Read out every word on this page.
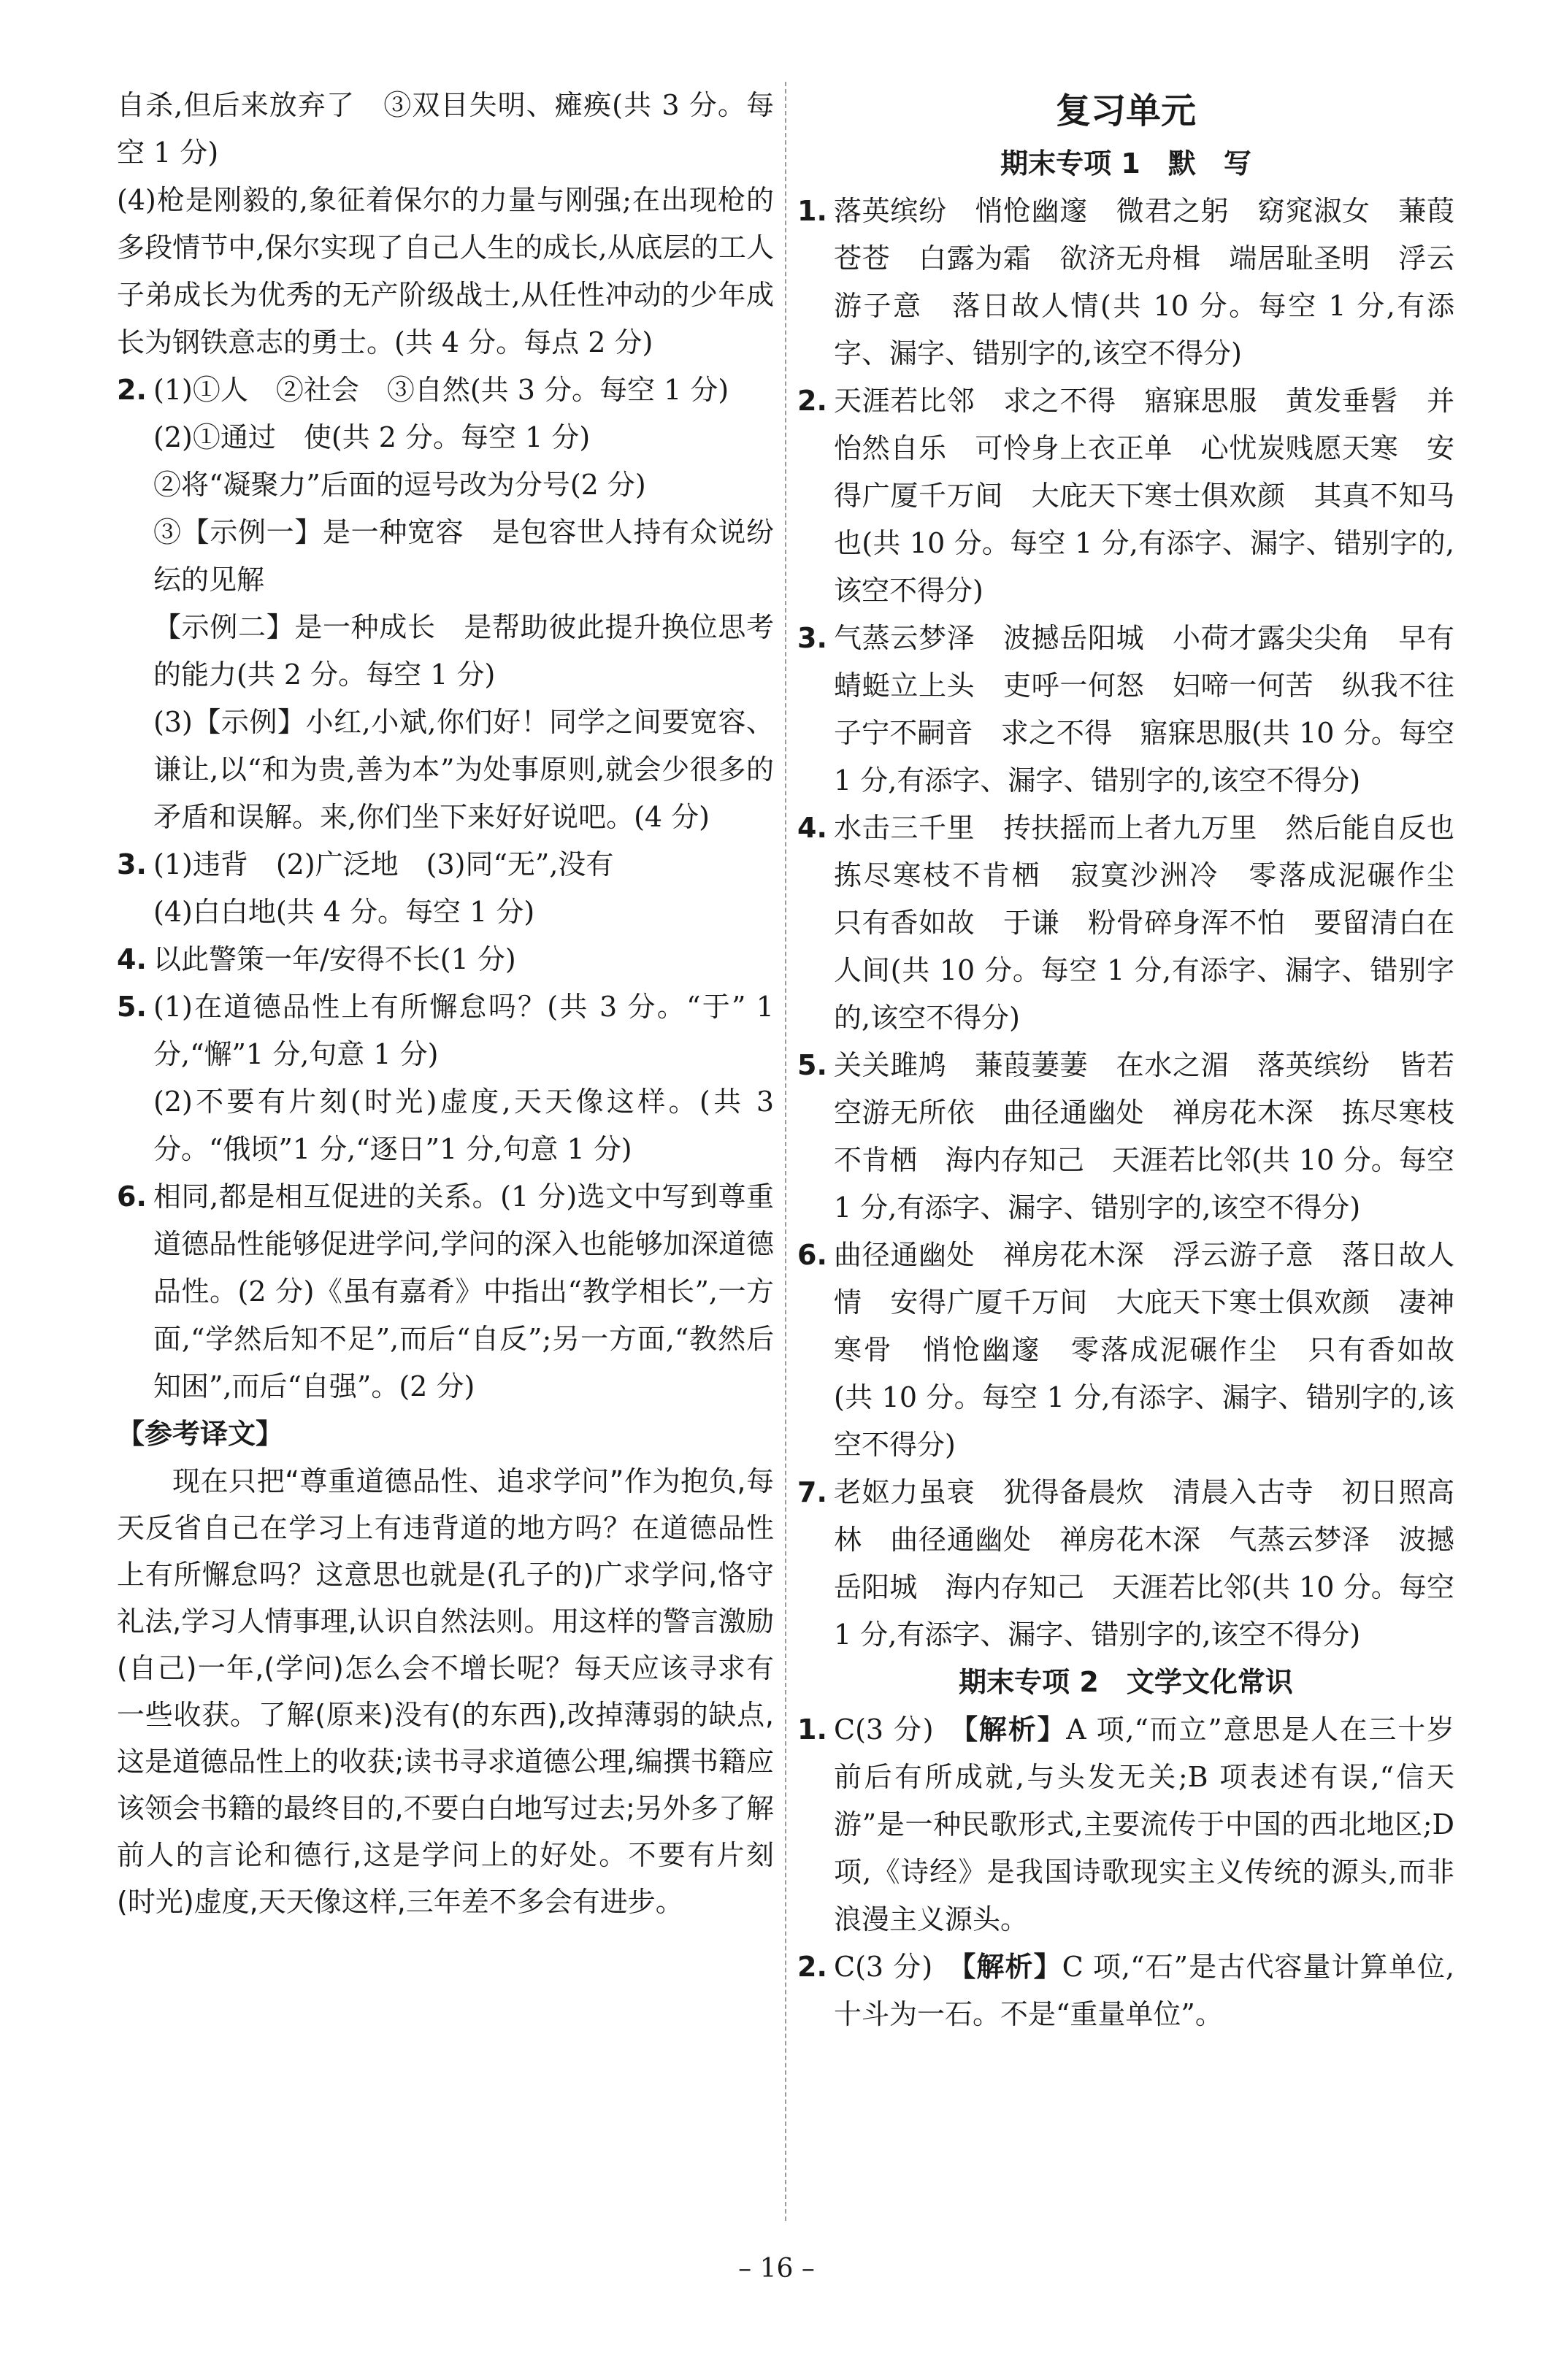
自杀,但后来放弃了　③双目失明、瘫痪(共 3 分。每空 1 分)

(4)枪是刚毅的,象征着保尔的力量与刚强;在出现枪的多段情节中,保尔实现了自己人生的成长,从底层的工人子弟成长为优秀的无产阶级战士,从任性冲动的少年成长为钢铁意志的勇士。(共 4 分。每点 2 分)

2. (1)①人　②社会　③自然(共 3 分。每空 1 分)

(2)①通过　使(共 2 分。每空 1 分)

②将“凝聚力”后面的逗号改为分号(2 分)

③【示例一】是一种宽容　是包容世人持有众说纷纭的见解

【示例二】是一种成长　是帮助彼此提升换位思考的能力(共 2 分。每空 1 分)

(3)【示例】小红,小斌,你们好！同学之间要宽容、谦让,以“和为贵,善为本”为处事原则,就会少很多的矛盾和误解。来,你们坐下来好好说吧。(4 分)

3. (1)违背　(2)广泛地　(3)同“无”,没有

(4)白白地(共 4 分。每空 1 分)

4. 以此警策一年/安得不长(1 分)

5. (1)在道德品性上有所懈怠吗？(共 3 分。“于” 1 分,“懈”1 分,句意 1 分)

(2)不要有片刻(时光)虚度,天天像这样。(共 3 分。“俄顷”1 分,“逐日”1 分,句意 1 分)

6. 相同,都是相互促进的关系。(1 分)选文中写到尊重道德品性能够促进学问,学问的深入也能够加深道德品性。(2 分)《虽有嘉肴》中指出“教学相长”,一方面,“学然后知不足”,而后“自反”;另一方面,“教然后知困”,而后“自强”。(2 分)

【参考译文】

现在只把“尊重道德品性、追求学问”作为抱负,每天反省自己在学习上有违背道的地方吗？在道德品性上有所懈怠吗？这意思也就是(孔子的)广求学问,恪守礼法,学习人情事理,认识自然法则。用这样的警言激励(自己)一年,(学问)怎么会不增长呢？每天应该寻求有一些收获。了解(原来)没有(的东西),改掉薄弱的缺点,这是道德品性上的收获;读书寻求道德公理,编撰书籍应该领会书籍的最终目的,不要白白地写过去;另外多了解前人的言论和德行,这是学问上的好处。不要有片刻(时光)虚度,天天像这样,三年差不多会有进步。

复习单元

期末专项 1　默　写

1. 落英缤纷　悄怆幽邃　微君之躬　窈窕淑女　蒹葭苍苍　白露为霜　欲济无舟楫　端居耻圣明　浮云游子意　落日故人情(共 10 分。每空 1 分,有添字、漏字、错别字的,该空不得分)

2. 天涯若比邻　求之不得　寤寐思服　黄发垂髫　并怡然自乐　可怜身上衣正单　心忧炭贱愿天寒　安得广厦千万间　大庇天下寒士俱欢颜　其真不知马也(共 10 分。每空 1 分,有添字、漏字、错别字的,该空不得分)

3. 气蒸云梦泽　波撼岳阳城　小荷才露尖尖角　早有蜻蜓立上头　吏呼一何怒　妇啼一何苦　纵我不往　子宁不嗣音　求之不得　寤寐思服(共 10 分。每空 1 分,有添字、漏字、错别字的,该空不得分)

4. 水击三千里　抟扶摇而上者九万里　然后能自反也　拣尽寒枝不肯栖　寂寞沙洲冷　零落成泥碾作尘　只有香如故　于谦　粉骨碎身浑不怕　要留清白在人间(共 10 分。每空 1 分,有添字、漏字、错别字的,该空不得分)

5. 关关雎鸠　蒹葭萋萋　在水之湄　落英缤纷　皆若空游无所依　曲径通幽处　禅房花木深　拣尽寒枝不肯栖　海内存知己　天涯若比邻(共 10 分。每空 1 分,有添字、漏字、错别字的,该空不得分)

6. 曲径通幽处　禅房花木深　浮云游子意　落日故人情　安得广厦千万间　大庇天下寒士俱欢颜　凄神寒骨　悄怆幽邃　零落成泥碾作尘　只有香如故(共 10 分。每空 1 分,有添字、漏字、错别字的,该空不得分)

7. 老妪力虽衰　犹得备晨炊　清晨入古寺　初日照高林　曲径通幽处　禅房花木深　气蒸云梦泽　波撼岳阳城　海内存知己　天涯若比邻(共 10 分。每空 1 分,有添字、漏字、错别字的,该空不得分)

期末专项 2　文学文化常识

1. C(3 分)　 【解析】A 项,“而立”意思是人在三十岁前后有所成就,与头发无关;B 项表述有误,“信天游”是一种民歌形式,主要流传于中国的西北地区;D 项,《诗经》是我国诗歌现实主义传统的源头,而非浪漫主义源头。

2. C(3 分)　 【解析】C 项,“石”是古代容量计算单位,十斗为一石。不是“重量单位”。

– 16 –
